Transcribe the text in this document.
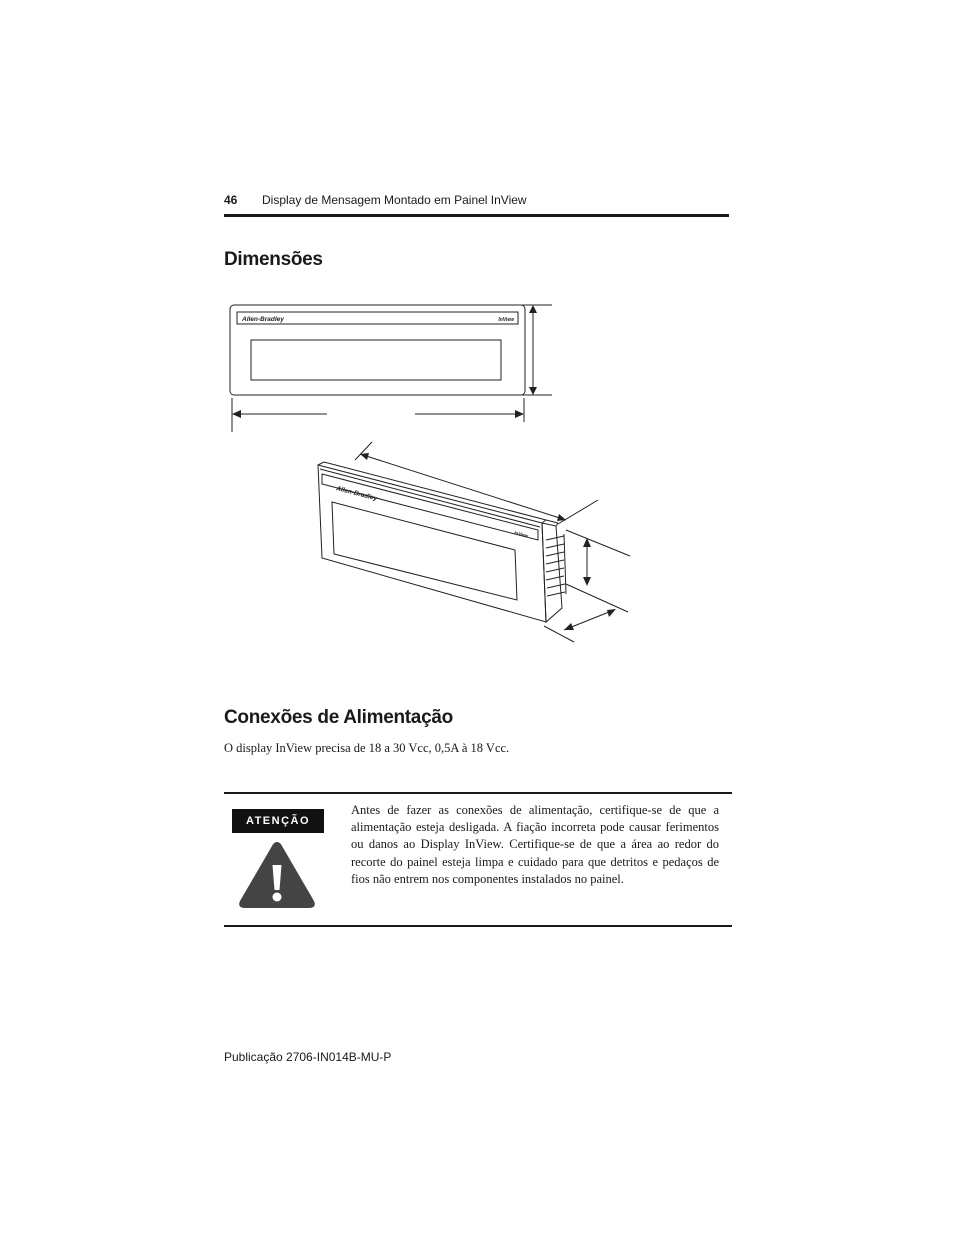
46 Display de Mensagem Montado em Painel InView
Dimensões
Allen-Bradley	InView
Allen-Bradley
InView
Conexões de Alimentação
O display InView precisa de 18 a 30 Vcc, 0,5A à 18 Vcc.
ATENÇÃO
Antes de fazer as conexões de alimentação, certifique-se de que a alimentação esteja desligada. A fiação incorreta pode causar ferimentos ou danos ao Display InView. Certifique-se de que a área ao redor do recorte do painel esteja limpa e cuidado para que detritos e pedaços de fios não entrem nos componentes instalados no painel.
Publicação 2706-IN014B-MU-P
